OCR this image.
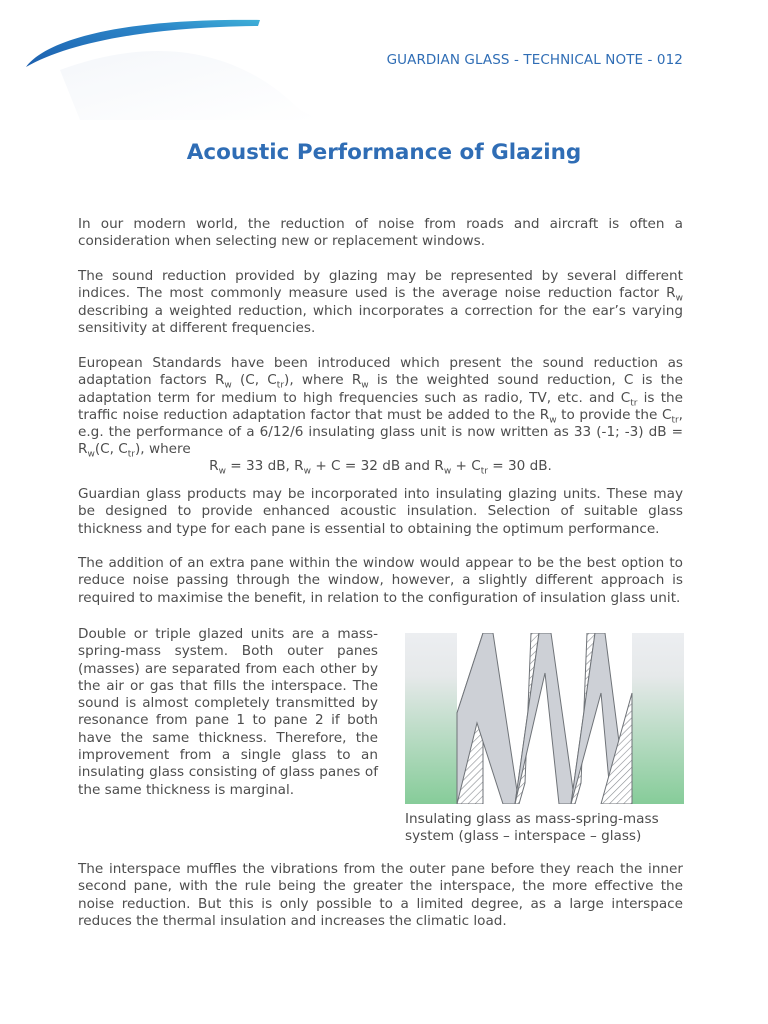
GUARDIAN GLASS - TECHNICAL NOTE - 012
Acoustic Performance of Glazing

In our modern world, the reduction of noise from roads and aircraft is often a consideration when selecting new or replacement windows.

The sound reduction provided by glazing may be represented by several different indices. The most commonly measure used is the average noise reduction factor $R_w$ describing a weighted reduction, which incorporates a correction for the ear’s varying sensitivity at different frequencies.

European Standards have been introduced which present the sound reduction as adaptation factors $R_w$ (C, $C_{tr}$), where $R_w$ is the weighted sound reduction, C is the adaptation term for medium to high frequencies such as radio, TV, etc. and $C_{tr}$ is the traffic noise reduction adaptation factor that must be added to the $R_w$ to provide the $C_{tr}$, e.g. the performance of a 6/12/6 insulating glass unit is now written as 33 (-1; -3) dB = $R_w(C$, $C_{tr}$), where

$R_w = 33$ dB, $R_w + C = 32$ dB and $R_w + C_{tr} = 30$ dB.

Guardian glass products may be incorporated into insulating glazing units. These may be designed to provide enhanced acoustic insulation. Selection of suitable glass thickness and type for each pane is essential to obtaining the optimum performance.

The addition of an extra pane within the window would appear to be the best option to reduce noise passing through the window, however, a slightly different approach is required to maximise the benefit, in relation to the configuration of insulation glass unit.

Double or triple glazed units are a mass-spring-mass system. Both outer panes (masses) are separated from each other by the air or gas that fills the interspace. The sound is almost completely transmitted by resonance from pane 1 to pane 2 if both have the same thickness. Therefore, the improvement from a single glass to an insulating glass consisting of glass panes of the same thickness is marginal.

Insulating glass as mass-spring-mass system (glass – interspace – glass)

The interspace muffles the vibrations from the outer pane before they reach the inner second pane, with the rule being the greater the interspace, the more effective the noise reduction. But this is only possible to a limited degree, as a large interspace reduces the thermal insulation and increases the climatic load.
